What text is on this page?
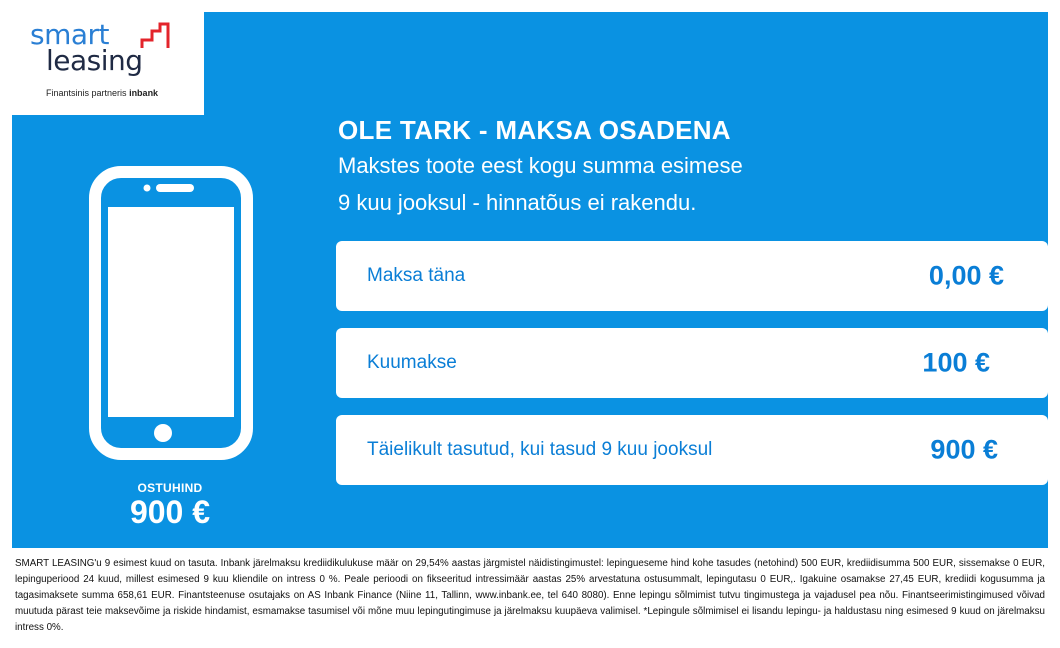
smart
leasing
Finantsinis partneris inbank
OSTUHIND
900 €
OLE TARK - MAKSA OSADENA
Makstes toote eest kogu summa esimese
9 kuu jooksul - hinnatõus ei rakendu.
Maksa täna	0,00 €
Kuumakse	100 €
Täielikult tasutud, kui tasud 9 kuu jooksul	900 €
SMART LEASING'u 9 esimest kuud on tasuta. Inbank järelmaksu krediidikulukuse määr on 29,54% aastas järgmistel näidistingimustel: lepingueseme hind kohe tasudes (netohind) 500 EUR, krediidisumma 500 EUR, sissemakse 0 EUR, lepinguperiood 24 kuud, millest esimesed 9 kuu kliendile on intress 0 %. Peale perioodi on fikseeritud intressimäär aastas 25% arvestatuna ostusummalt, lepingutasu 0 EUR,. Igakuine osamakse 27,45 EUR, krediidi kogusumma ja tagasimaksete summa 658,61 EUR. Finantsteenuse osutajaks on AS Inbank Finance (Niine 11, Tallinn, www.inbank.ee, tel 640 8080). Enne lepingu sõlmimist tutvu tingimustega ja vajadusel pea nõu. Finantseerimistingimused võivad muutuda pärast teie maksevõime ja riskide hindamist, esmamakse tasumisel või mõne muu lepingutingimuse ja järelmaksu kuupäeva valimisel. *Lepingule sõlmimisel ei lisandu lepingu- ja haldustasu ning esimesed 9 kuud on järelmaksu intress 0%.
